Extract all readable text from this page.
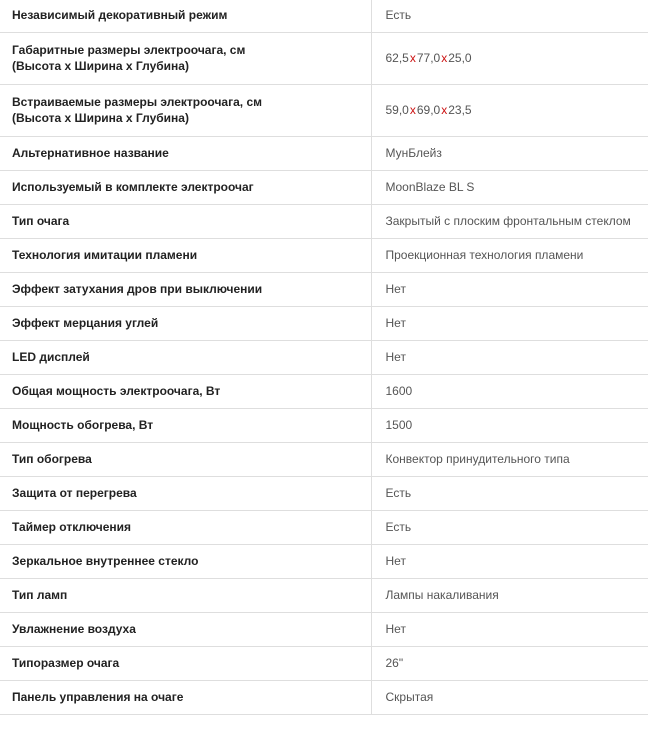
Независимый декоративный режим	Есть
Габаритные размеры электроочага, см
(Высота х Ширина х Глубина)	62,5x77,0x25,0
Встраиваемые размеры электроочага, см
(Высота х Ширина х Глубина)	59,0x69,0x23,5
Альтернативное название	МунБлейз
Используемый в комплекте электроочаг	MoonBlaze BL S
Тип очага	Закрытый с плоским фронтальным стеклом
Технология имитации пламени	Проекционная технология пламени
Эффект затухания дров при выключении	Нет
Эффект мерцания углей	Нет
LED дисплей	Нет
Общая мощность электроочага, Вт	1600
Мощность обогрева, Вт	1500
Тип обогрева	Конвектор принудительного типа
Защита от перегрева	Есть
Таймер отключения	Есть
Зеркальное внутреннее стекло	Нет
Тип ламп	Лампы накаливания
Увлажнение воздуха	Нет
Типоразмер очага	26"
Панель управления на очаге	Скрытая
